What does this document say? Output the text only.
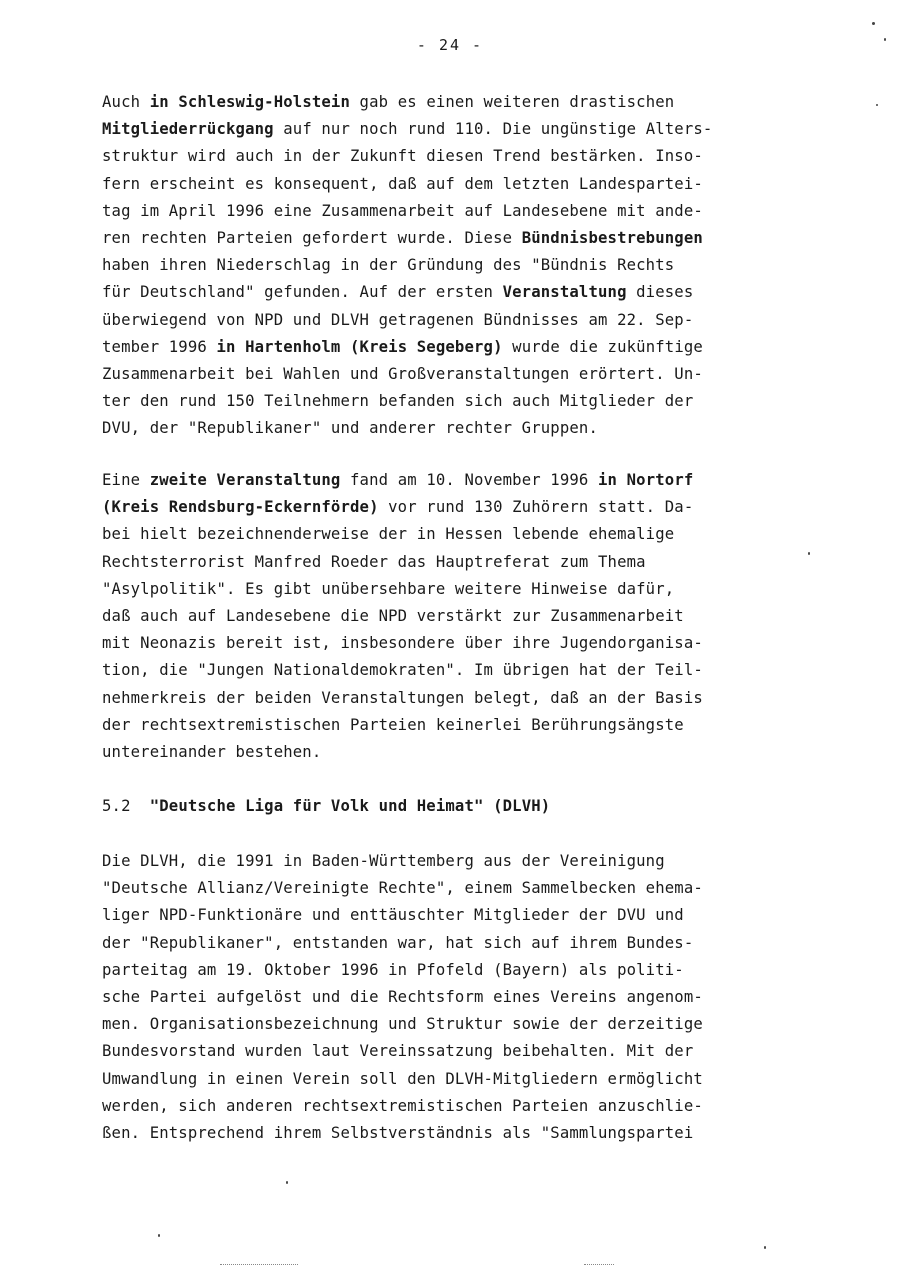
- 24 -
Auch in Schleswig-Holstein gab es einen weiteren drastischen
Mitgliederrückgang auf nur noch rund 110. Die ungünstige Alters-
struktur wird auch in der Zukunft diesen Trend bestärken. Inso-
fern erscheint es konsequent, daß auf dem letzten Landespartei-
tag im April 1996 eine Zusammenarbeit auf Landesebene mit ande-
ren rechten Parteien gefordert wurde. Diese Bündnisbestrebungen
haben ihren Niederschlag in der Gründung des "Bündnis Rechts
für Deutschland" gefunden. Auf der ersten Veranstaltung dieses
überwiegend von NPD und DLVH getragenen Bündnisses am 22. Sep-
tember 1996 in Hartenholm (Kreis Segeberg) wurde die zukünftige
Zusammenarbeit bei Wahlen und Großveranstaltungen erörtert. Un-
ter den rund 150 Teilnehmern befanden sich auch Mitglieder der
DVU, der "Republikaner" und anderer rechter Gruppen.
Eine zweite Veranstaltung fand am 10. November 1996 in Nortorf
(Kreis Rendsburg-Eckernförde) vor rund 130 Zuhörern statt. Da-
bei hielt bezeichnenderweise der in Hessen lebende ehemalige
Rechtsterrorist Manfred Roeder das Hauptreferat zum Thema
"Asylpolitik". Es gibt unübersehbare weitere Hinweise dafür,
daß auch auf Landesebene die NPD verstärkt zur Zusammenarbeit
mit Neonazis bereit ist, insbesondere über ihre Jugendorganisa-
tion, die "Jungen Nationaldemokraten". Im übrigen hat der Teil-
nehmerkreis der beiden Veranstaltungen belegt, daß an der Basis
der rechtsextremistischen Parteien keinerlei Berührungsängste
untereinander bestehen.
5.2  "Deutsche Liga für Volk und Heimat" (DLVH)
Die DLVH, die 1991 in Baden-Württemberg aus der Vereinigung
"Deutsche Allianz/Vereinigte Rechte", einem Sammelbecken ehema-
liger NPD-Funktionäre und enttäuschter Mitglieder der DVU und
der "Republikaner", entstanden war, hat sich auf ihrem Bundes-
parteitag am 19. Oktober 1996 in Pfofeld (Bayern) als politi-
sche Partei aufgelöst und die Rechtsform eines Vereins angenom-
men. Organisationsbezeichnung und Struktur sowie der derzeitige
Bundesvorstand wurden laut Vereinssatzung beibehalten. Mit der
Umwandlung in einen Verein soll den DLVH-Mitgliedern ermöglicht
werden, sich anderen rechtsextremistischen Parteien anzuschlie-
ßen. Entsprechend ihrem Selbstverständnis als "Sammlungspartei
